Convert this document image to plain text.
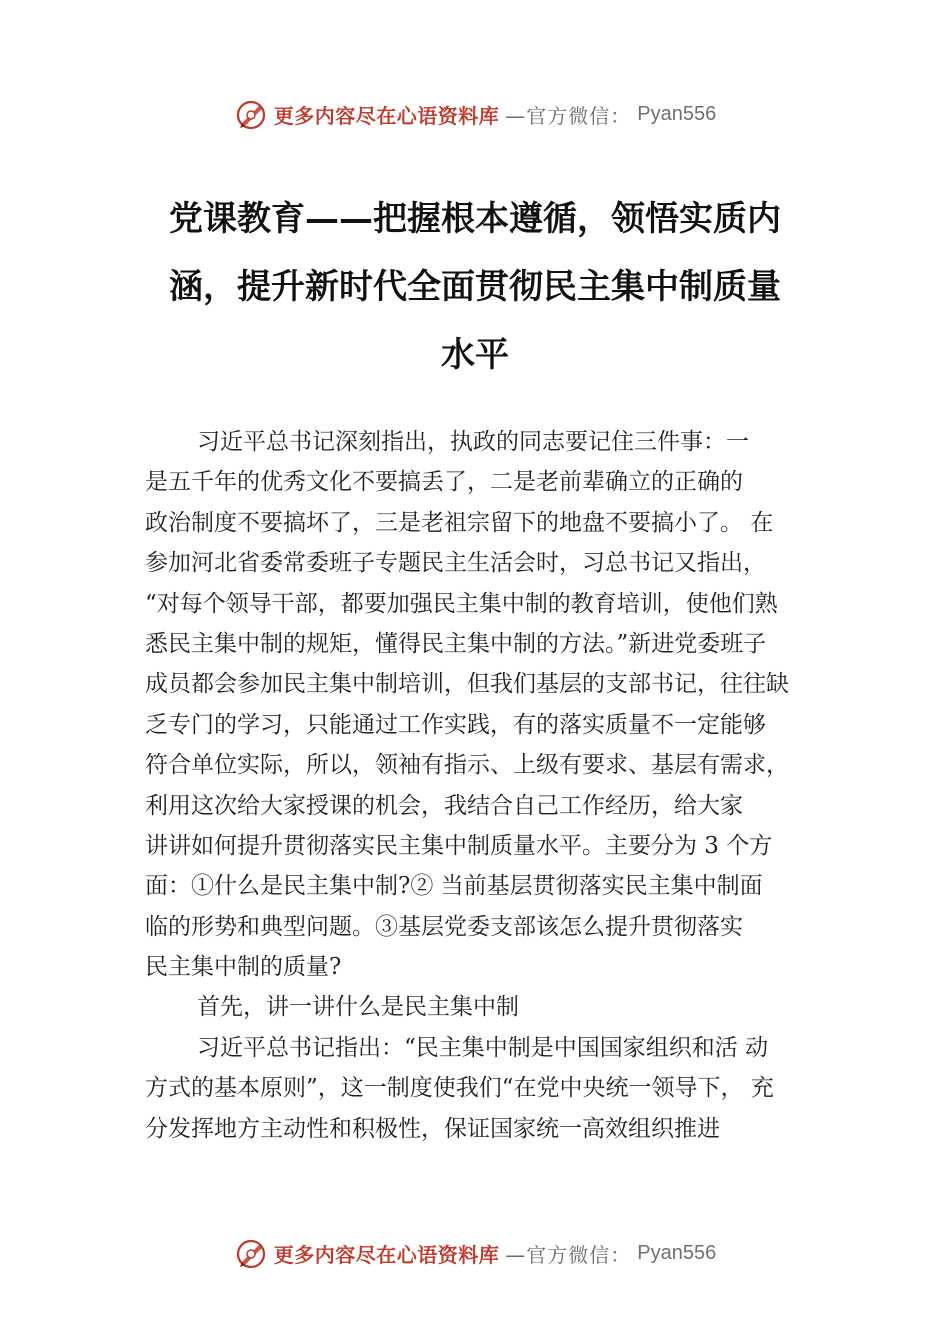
更多内容尽在心语资料库 —官方微信： Pyan556
党课教育——把握根本遵循，领悟实质内
涵，提升新时代全面贯彻民主集中制质量
水平
习近平总书记深刻指出，执政的同志要记住三件事：一
是五千年的优秀文化不要搞丢了，二是老前辈确立的正确的
政治制度不要搞坏了，三是老祖宗留下的地盘不要搞小了。 在
参加河北省委常委班子专题民主生活会时，习总书记又指出，
“对每个领导干部，都要加强民主集中制的教育培训，使他们熟
悉民主集中制的规矩，懂得民主集中制的方法。”新进党委班子
成员都会参加民主集中制培训，但我们基层的支部书记，往往缺
乏专门的学习，只能通过工作实践，有的落实质量不一定能够
符合单位实际，所以，领袖有指示、上级有要求、基层有需求，
利用这次给大家授课的机会，我结合自己工作经历，给大家
讲讲如何提升贯彻落实民主集中制质量水平。主要分为 3 个方
面：①什么是民主集中制?② 当前基层贯彻落实民主集中制面
临的形势和典型问题。③基层党委支部该怎么提升贯彻落实
民主集中制的质量?
首先，讲一讲什么是民主集中制
习近平总书记指出：“民主集中制是中国国家组织和活 动
方式的基本原则”，这一制度使我们“在党中央统一领导下， 充
分发挥地方主动性和积极性，保证国家统一高效组织推进
更多内容尽在心语资料库 —官方微信： Pyan556
